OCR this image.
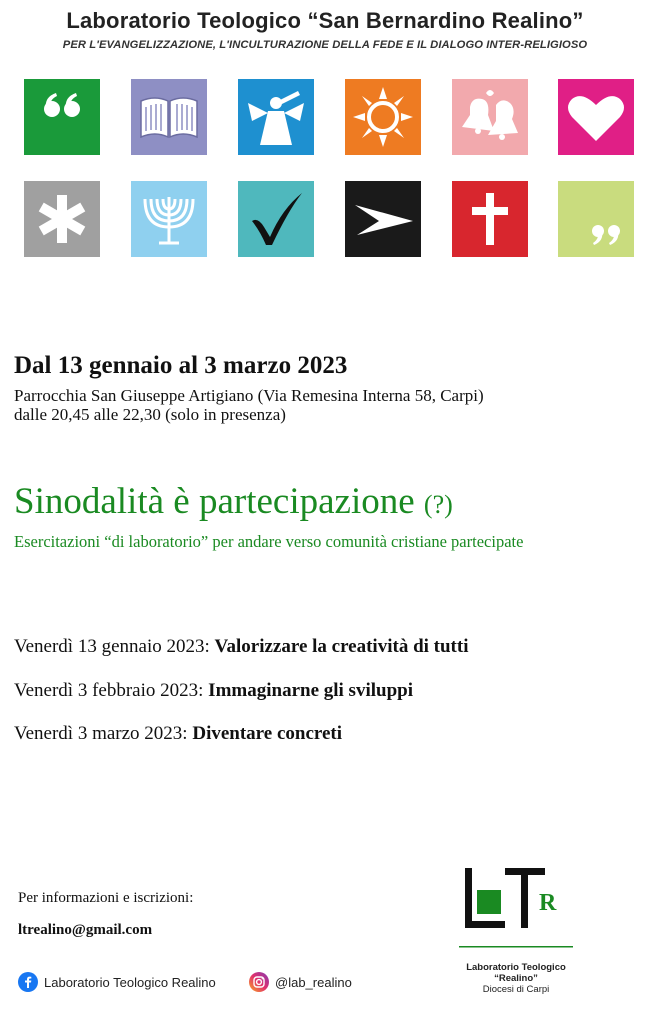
Laboratorio Teologico “San Bernardino Realino”
PER L'EVANGELIZZAZIONE, L'INCULTURAZIONE DELLA FEDE E IL DIALOGO INTER-RELIGIOSO
Dal 13 gennaio al 3 marzo 2023
Parrocchia San Giuseppe Artigiano (Via Remesina Interna 58, Carpi)
dalle 20,45 alle 22,30 (solo in presenza)
Sinodalità è partecipazione (?)
Esercitazioni “di laboratorio” per andare verso comunità cristiane partecipate
Venerdì 13 gennaio 2023: Valorizzare la creatività di tutti
Venerdì 3 febbraio 2023: Immaginarne gli sviluppi
Venerdì 3 marzo 2023: Diventare concreti
Per informazioni e iscrizioni:
ltrealino@gmail.com
Laboratorio Teologico Realino	@lab_realino
R
Laboratorio Teologico
“Realino”
Diocesi di Carpi
